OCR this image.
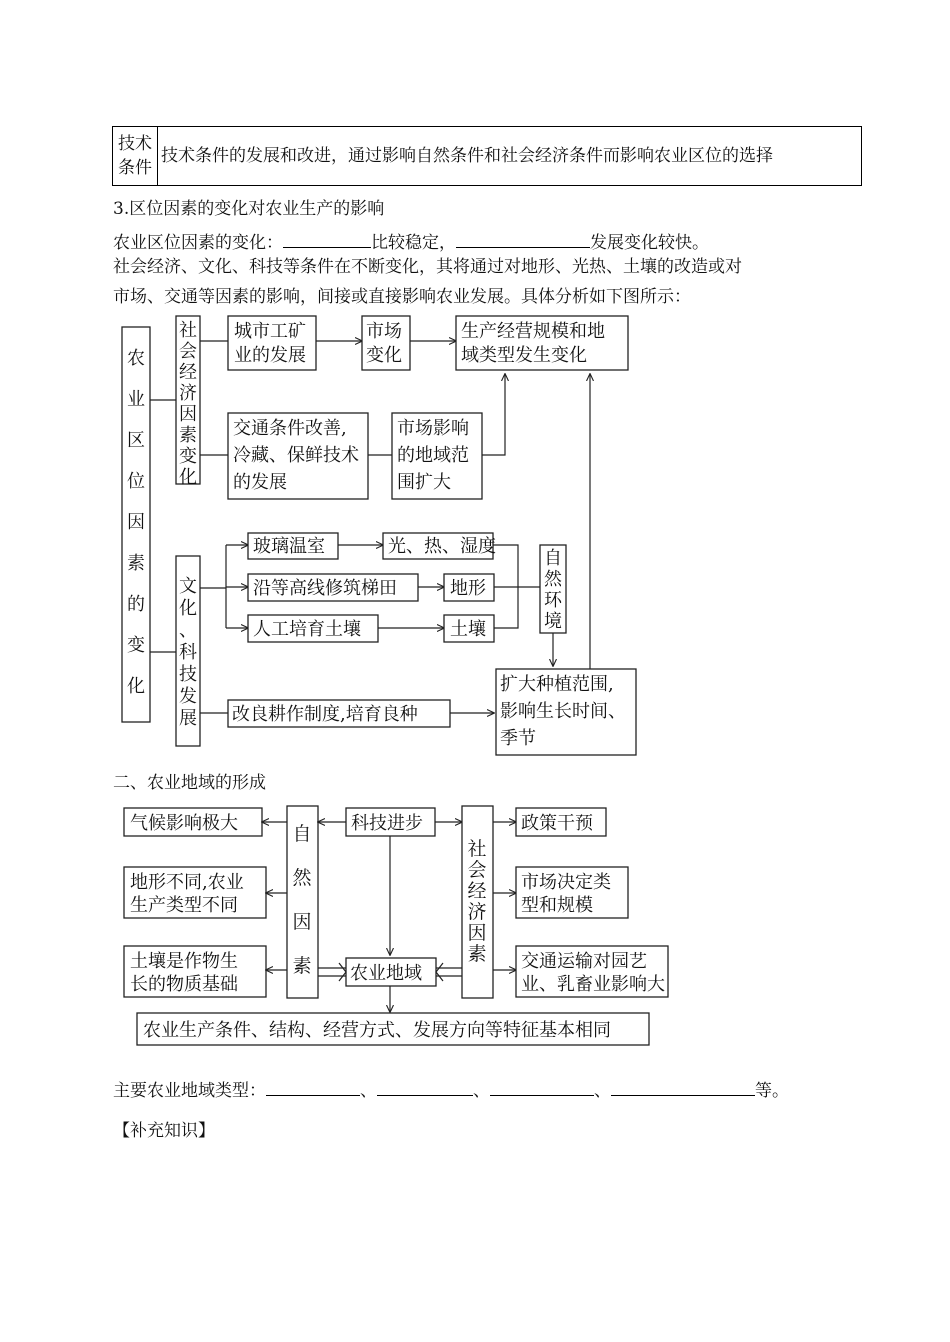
技术条件	技术条件的发展和改进，通过影响自然条件和社会经济条件而影响农业区位的选择
3.区位因素的变化对农业生产的影响
农业区位因素的变化：	比较稳定，	发展变化较快。
社会经济、文化、科技等条件在不断变化，其将通过对地形、光热、土壤的改造或对
市场、交通等因素的影响，间接或直接影响农业发展。具体分析如下图所示：
二、农业地域的形成
主要农业地域类型：	、	、	、	等。
【补充知识】
农业区位因素的变化
社会经济因素变化
文化、科技发展
城市工矿业的发展
市场变化
生产经营规模和地域类型发生变化
交通条件改善,冷藏、保鲜技术的发展
市场影响的地域范围扩大
玻璃温室	光、热、湿度
沿等高线修筑梯田	地形
人工培育土壤	土壤
自然环境
扩大种植范围,影响生长时间、季节
改良耕作制度,培育良种
气候影响极大
地形不同,农业生产类型不同
土壤是作物生长的物质基础
自然因素
科技进步
农业地域
社会经济因素
政策干预
市场决定类型和规模
交通运输对园艺业、乳畜业影响大
农业生产条件、结构、经营方式、发展方向等特征基本相同
